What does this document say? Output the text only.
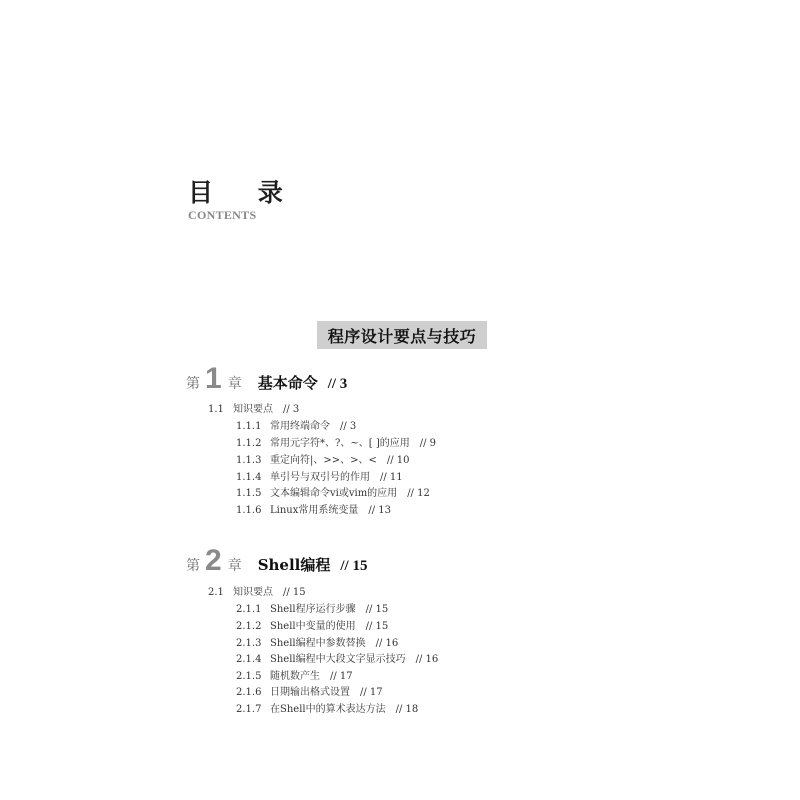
目 录
CONTENTS
程序设计要点与技巧
第 1 章 基本命令 // 3
1.1 知识要点 // 3
1.1.1 常用终端命令 // 3
1.1.2 常用元字符*、?、~、[ ]的应用 // 9
1.1.3 重定向符|、>>、>、< // 10
1.1.4 单引号与双引号的作用 // 11
1.1.5 文本编辑命令vi或vim的应用 // 12
1.1.6 Linux常用系统变量 // 13
第 2 章 Shell编程 // 15
2.1 知识要点 // 15
2.1.1 Shell程序运行步骤 // 15
2.1.2 Shell中变量的使用 // 15
2.1.3 Shell编程中参数替换 // 16
2.1.4 Shell编程中大段文字显示技巧 // 16
2.1.5 随机数产生 // 17
2.1.6 日期输出格式设置 // 17
2.1.7 在Shell中的算术表达方法 // 18
